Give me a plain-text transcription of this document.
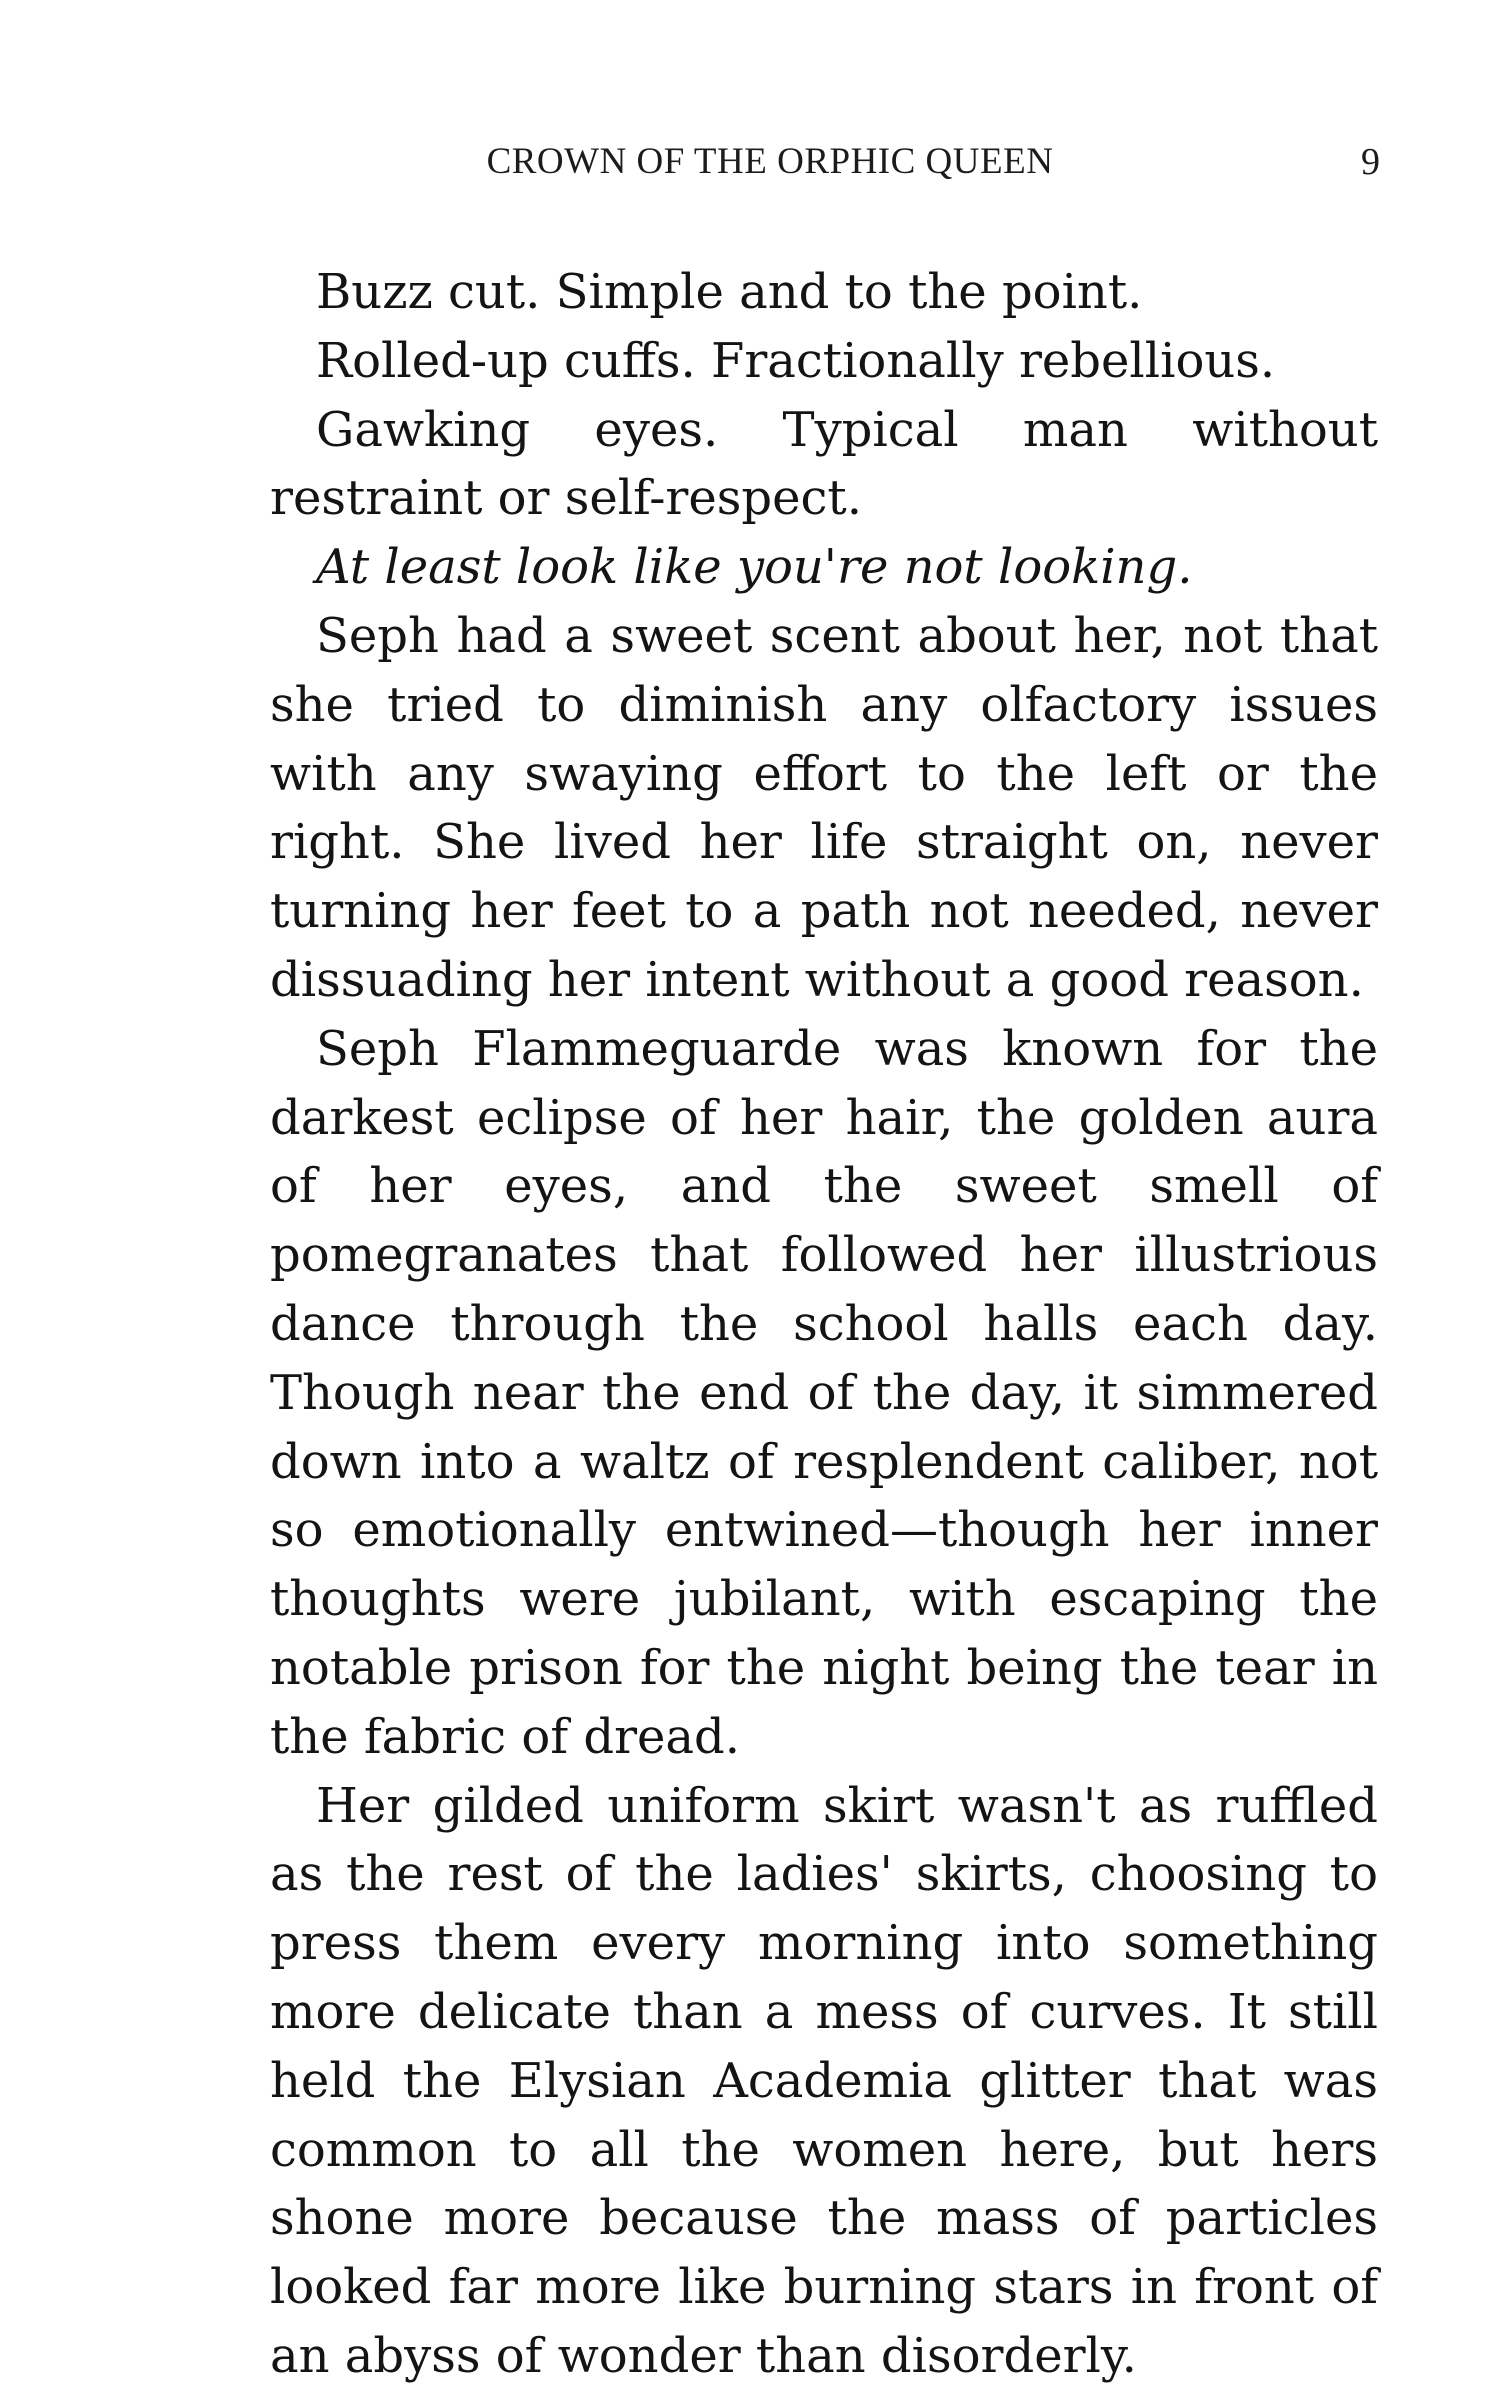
CROWN OF THE ORPHIC QUEEN	9

Buzz cut. Simple and to the point.

Rolled-up cuffs. Fractionally rebellious.

Gawking eyes. Typical man without restraint or self-respect.

At least look like you're not looking.

Seph had a sweet scent about her, not that she tried to diminish any olfactory issues with any swaying effort to the left or the right. She lived her life straight on, never turning her feet to a path not needed, never dissuading her intent without a good reason.

Seph Flammeguarde was known for the darkest eclipse of her hair, the golden aura of her eyes, and the sweet smell of pomegranates that followed her illustrious dance through the school halls each day. Though near the end of the day, it simmered down into a waltz of resplendent caliber, not so emotionally entwined—though her inner thoughts were jubilant, with escaping the notable prison for the night being the tear in the fabric of dread.

Her gilded uniform skirt wasn't as ruffled as the rest of the ladies' skirts, choosing to press them every morning into something more delicate than a mess of curves. It still held the Elysian Academia glitter that was common to all the women here, but hers shone more because the mass of particles looked far more like burning stars in front of an abyss of wonder than disorderly.
